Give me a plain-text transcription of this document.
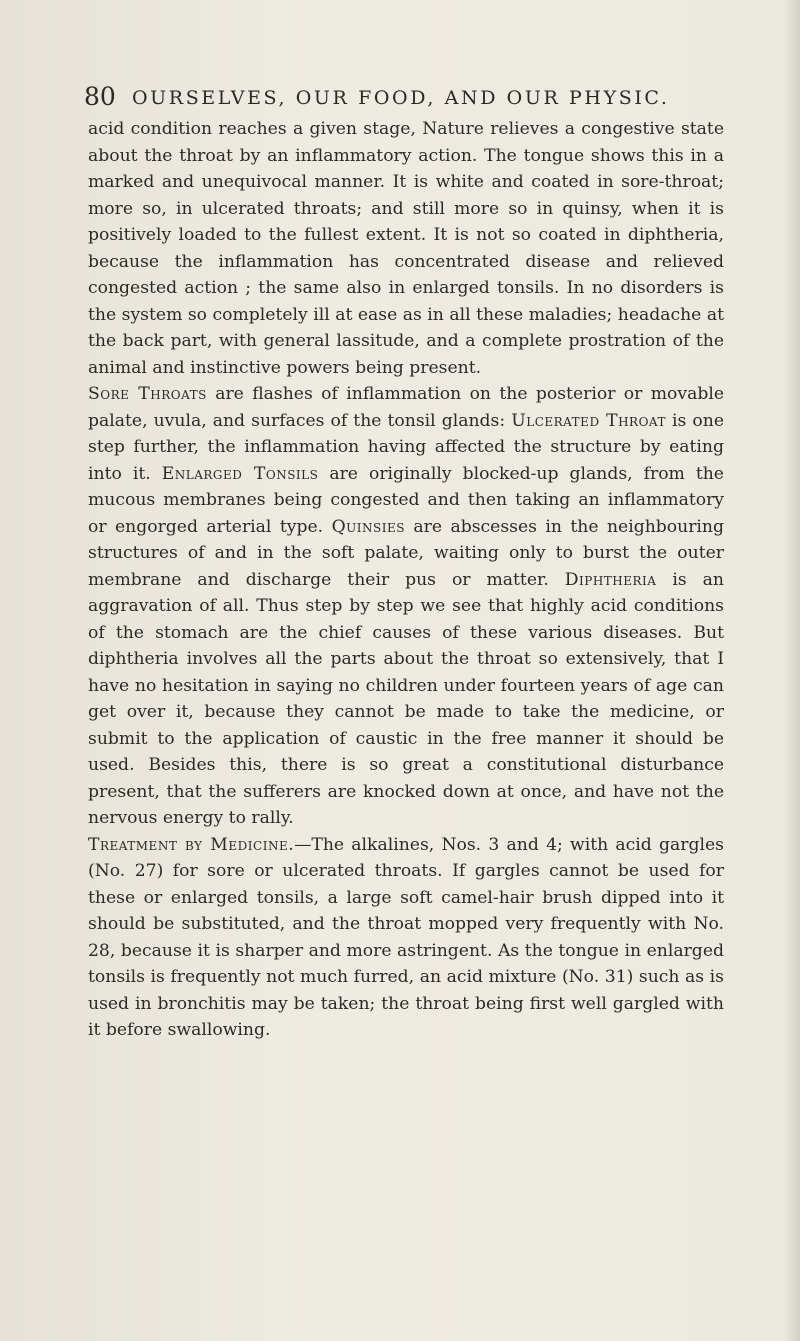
80 OURSELVES, OUR FOOD, AND OUR PHYSIC.

acid condition reaches a given stage, Nature relieves a congestive state about the throat by an inflammatory action. The tongue shows this in a marked and unequivocal manner. It is white and coated in sore-throat; more so, in ulcerated throats; and still more so in quinsy, when it is positively loaded to the fullest extent. It is not so coated in diphtheria, because the inflammation has concentrated disease and relieved congested action ; the same also in enlarged tonsils. In no disorders is the system so completely ill at ease as in all these maladies; headache at the back part, with general lassitude, and a complete prostration of the animal and instinctive powers being present.

Sore Throats are flashes of inflammation on the posterior or movable palate, uvula, and surfaces of the tonsil glands: Ulcerated Throat is one step further, the inflammation having affected the structure by eating into it. Enlarged Tonsils are originally blocked-up glands, from the mucous membranes being congested and then taking an inflammatory or engorged arterial type. Quinsies are abscesses in the neighbouring structures of and in the soft palate, waiting only to burst the outer membrane and discharge their pus or matter. Diphtheria is an aggravation of all. Thus step by step we see that highly acid conditions of the stomach are the chief causes of these various diseases. But diphtheria involves all the parts about the throat so extensively, that I have no hesitation in saying no children under fourteen years of age can get over it, because they cannot be made to take the medicine, or submit to the application of caustic in the free manner it should be used. Besides this, there is so great a constitutional disturbance present, that the sufferers are knocked down at once, and have not the nervous energy to rally.

Treatment by Medicine.—The alkalines, Nos. 3 and 4; with acid gargles (No. 27) for sore or ulcerated throats. If gargles cannot be used for these or enlarged tonsils, a large soft camel-hair brush dipped into it should be substituted, and the throat mopped very frequently with No. 28, because it is sharper and more astringent. As the tongue in enlarged tonsils is frequently not much furred, an acid mixture (No. 31) such as is used in bronchitis may be taken; the throat being first well gargled with it before swallowing.
